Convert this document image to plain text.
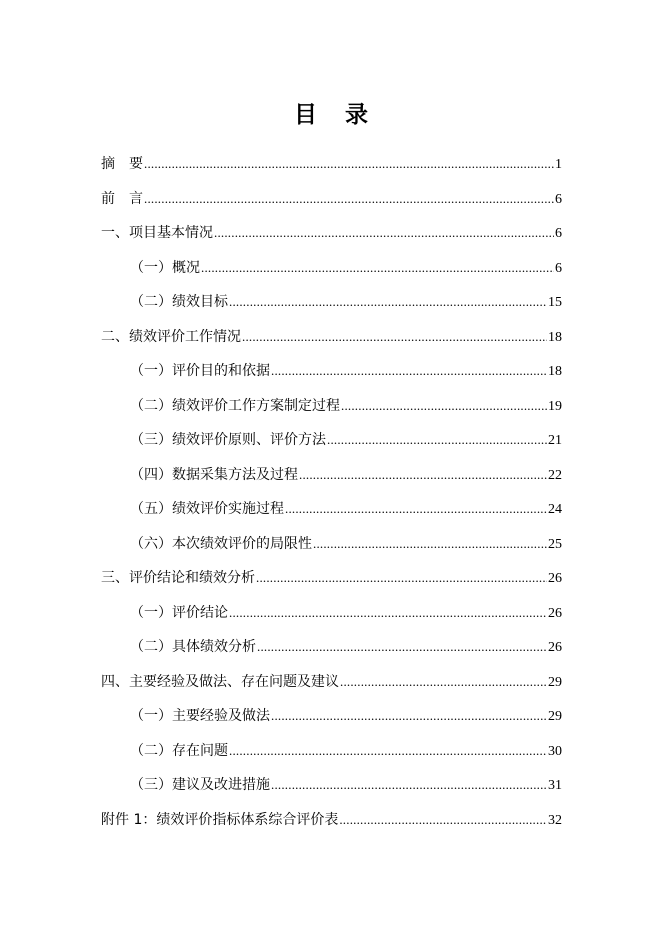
目 录
摘　要 .....	1
前　言 .....	6
一、项目基本情况 .....	6
（一）概况 .....	6
（二）绩效目标 .....	15
二、绩效评价工作情况 .....	18
（一）评价目的和依据 .....	18
（二）绩效评价工作方案制定过程 .....	19
（三）绩效评价原则、评价方法 .....	21
（四）数据采集方法及过程 .....	22
（五）绩效评价实施过程 .....	24
（六）本次绩效评价的局限性 .....	25
三、评价结论和绩效分析 .....	26
（一）评价结论 .....	26
（二）具体绩效分析 .....	26
四、主要经验及做法、存在问题及建议 .....	29
（一）主要经验及做法 .....	29
（二）存在问题 .....	30
（三）建议及改进措施 .....	31
附件 1：绩效评价指标体系综合评价表 .....	32
